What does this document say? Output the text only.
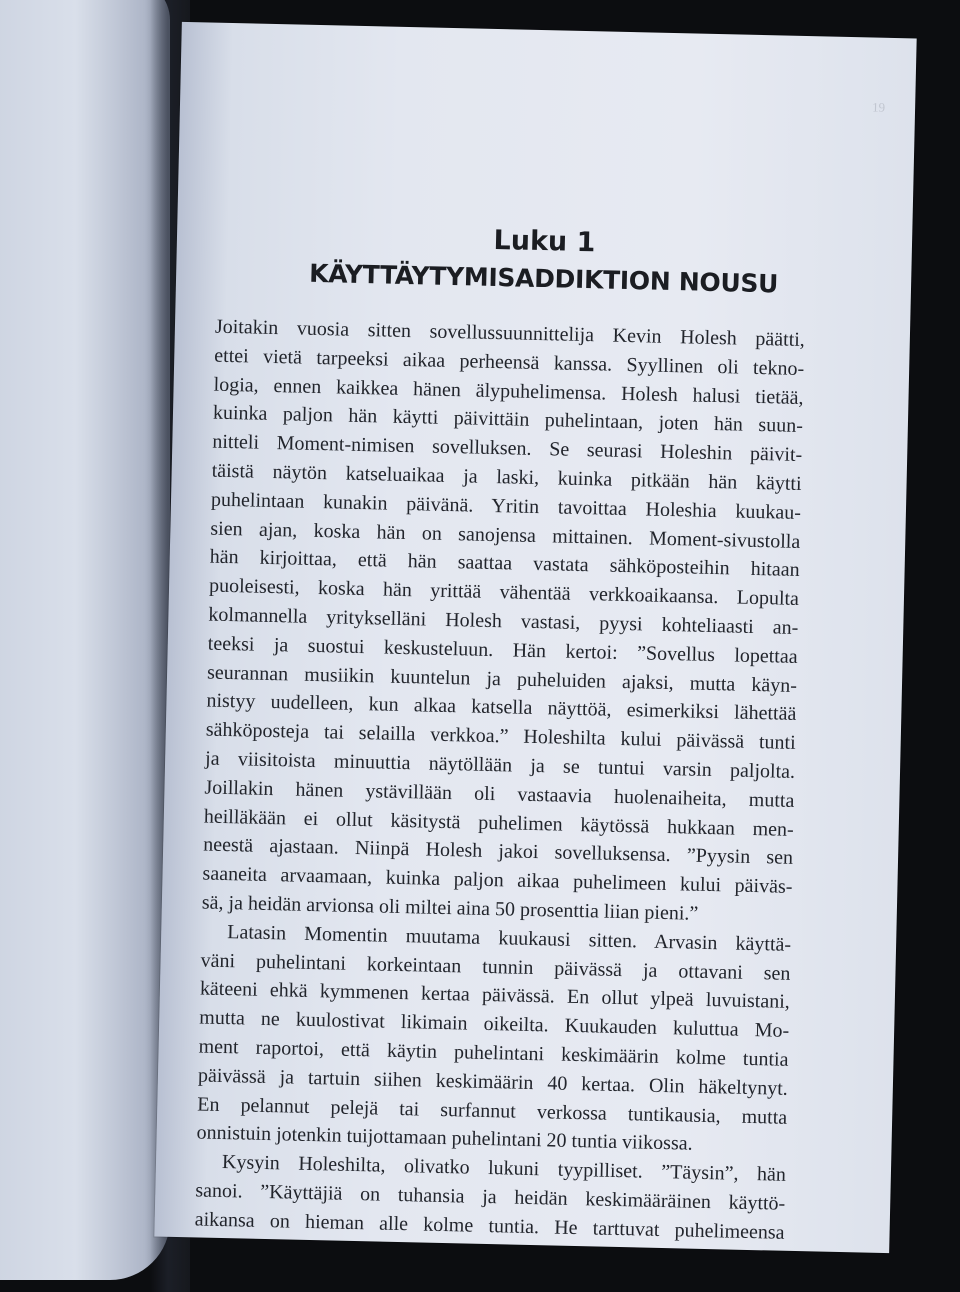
19
Luku 1
KÄYTTÄYTYMISADDIKTION NOUSU

Joitakin vuosia sitten sovellussuunnittelija Kevin Holesh päätti,
ettei vietä tarpeeksi aikaa perheensä kanssa. Syyllinen oli tekno-
logia, ennen kaikkea hänen älypuhelimensa. Holesh halusi tietää,
kuinka paljon hän käytti päivittäin puhelintaan, joten hän suun-
nitteli Moment-nimisen sovelluksen. Se seurasi Holeshin päivit-
täistä näytön katseluaikaa ja laski, kuinka pitkään hän käytti
puhelintaan kunakin päivänä. Yritin tavoittaa Holeshia kuukau-
sien ajan, koska hän on sanojensa mittainen. Moment-sivustolla
hän kirjoittaa, että hän saattaa vastata sähköposteihin hitaan
puoleisesti, koska hän yrittää vähentää verkkoaikaansa. Lopulta
kolmannella yritykselläni Holesh vastasi, pyysi kohteliaasti an-
teeksi ja suostui keskusteluun. Hän kertoi: ”Sovellus lopettaa
seurannan musiikin kuuntelun ja puheluiden ajaksi, mutta käyn-
nistyy uudelleen, kun alkaa katsella näyttöä, esimerkiksi lähettää
sähköposteja tai selailla verkkoa.” Holeshilta kului päivässä tunti
ja viisitoista minuuttia näytöllään ja se tuntui varsin paljolta.
Joillakin hänen ystävillään oli vastaavia huolenaiheita, mutta
heilläkään ei ollut käsitystä puhelimen käytössä hukkaan men-
neestä ajastaan. Niinpä Holesh jakoi sovelluksensa. ”Pyysin sen
saaneita arvaamaan, kuinka paljon aikaa puhelimeen kului päiväs-
sä, ja heidän arvionsa oli miltei aina 50 prosenttia liian pieni.”

Latasin Momentin muutama kuukausi sitten. Arvasin käyttä-
väni puhelintani korkeintaan tunnin päivässä ja ottavani sen
käteeni ehkä kymmenen kertaa päivässä. En ollut ylpeä luvuistani,
mutta ne kuulostivat likimain oikeilta. Kuukauden kuluttua Mo-
ment raportoi, että käytin puhelintani keskimäärin kolme tuntia
päivässä ja tartuin siihen keskimäärin 40 kertaa. Olin häkeltynyt.
En pelannut pelejä tai surfannut verkossa tuntikausia, mutta
onnistuin jotenkin tuijottamaan puhelintani 20 tuntia viikossa.

Kysyin Holeshilta, olivatko lukuni tyypilliset. ”Täysin”, hän
sanoi. ”Käyttäjiä on tuhansia ja heidän keskimääräinen käyttö-
aikansa on hieman alle kolme tuntia. He tarttuvat puhelimeensa
